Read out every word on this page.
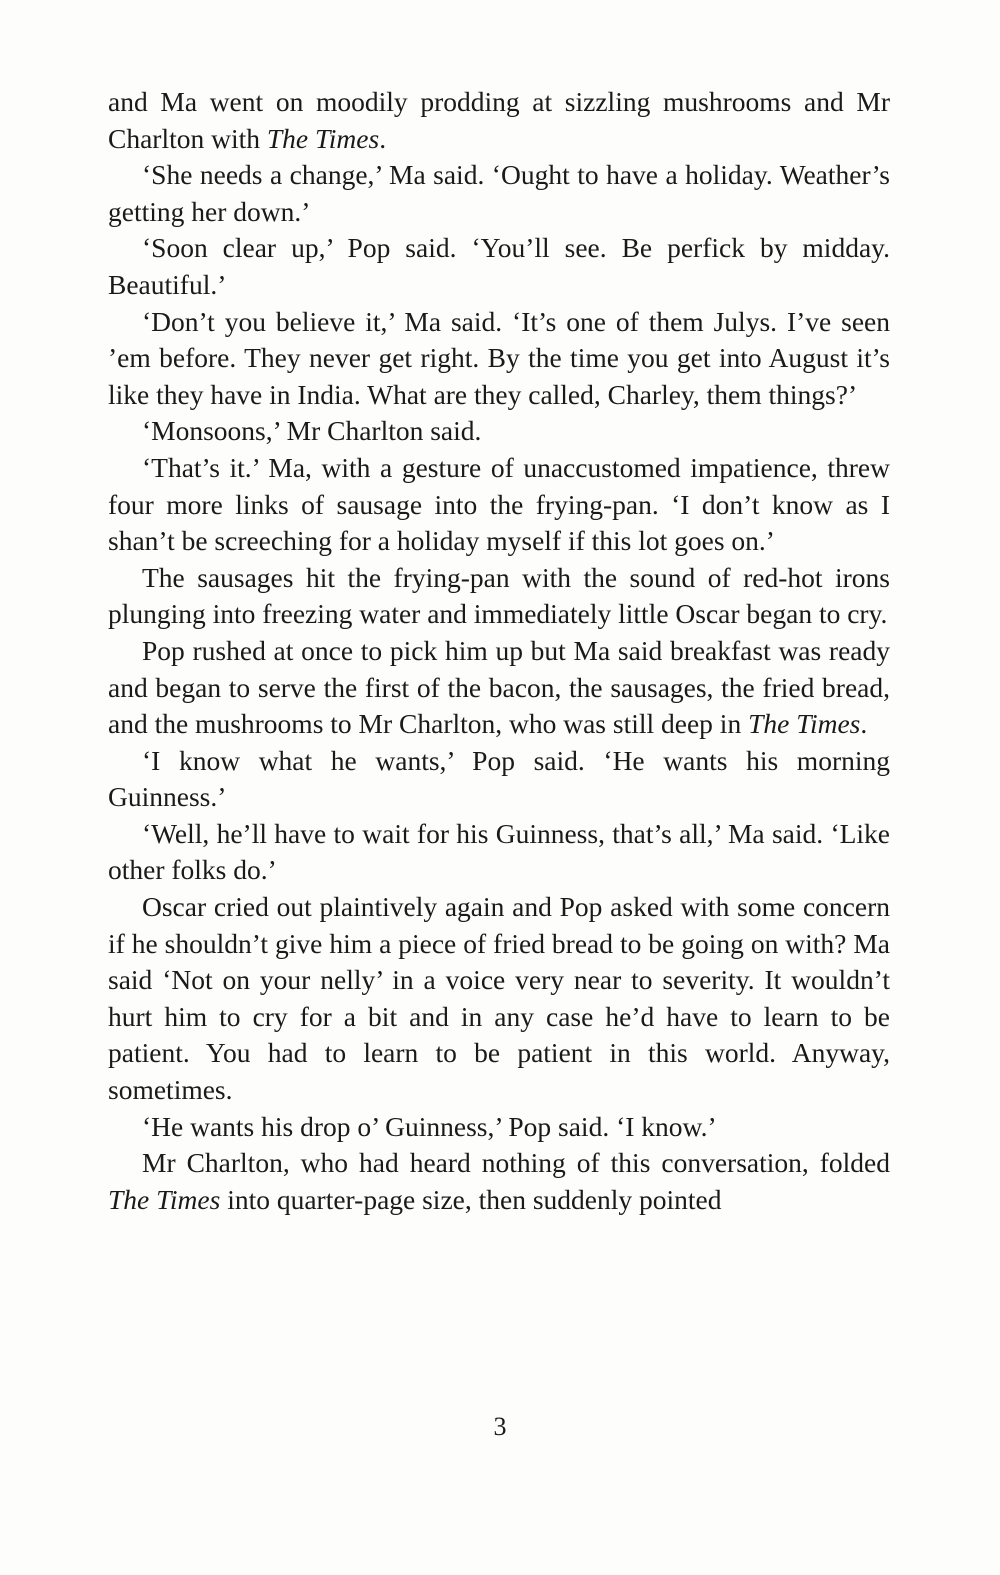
and Ma went on moodily prodding at sizzling mushrooms and Mr Charlton with The Times.

‘She needs a change,’ Ma said. ‘Ought to have a holiday. Weather’s getting her down.’

‘Soon clear up,’ Pop said. ‘You’ll see. Be perfick by midday. Beautiful.’

‘Don’t you believe it,’ Ma said. ‘It’s one of them Julys. I’ve seen ’em before. They never get right. By the time you get into August it’s like they have in India. What are they called, Charley, them things?’

‘Monsoons,’ Mr Charlton said.

‘That’s it.’ Ma, with a gesture of unaccustomed impatience, threw four more links of sausage into the frying-pan. ‘I don’t know as I shan’t be screeching for a holiday myself if this lot goes on.’

The sausages hit the frying-pan with the sound of red-hot irons plunging into freezing water and immediately little Oscar began to cry.

Pop rushed at once to pick him up but Ma said breakfast was ready and began to serve the first of the bacon, the sausages, the fried bread, and the mushrooms to Mr Charlton, who was still deep in The Times.

‘I know what he wants,’ Pop said. ‘He wants his morning Guinness.’

‘Well, he’ll have to wait for his Guinness, that’s all,’ Ma said. ‘Like other folks do.’

Oscar cried out plaintively again and Pop asked with some concern if he shouldn’t give him a piece of fried bread to be going on with? Ma said ‘Not on your nelly’ in a voice very near to severity. It wouldn’t hurt him to cry for a bit and in any case he’d have to learn to be patient. You had to learn to be patient in this world. Anyway, sometimes.

‘He wants his drop o’ Guinness,’ Pop said. ‘I know.’

Mr Charlton, who had heard nothing of this conversation, folded The Times into quarter-page size, then suddenly pointed

3
